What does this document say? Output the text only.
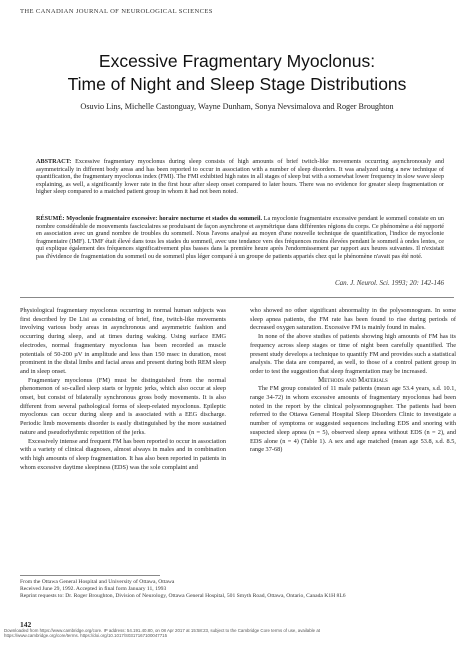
THE CANADIAN JOURNAL OF NEUROLOGICAL SCIENCES
Excessive Fragmentary Myoclonus:
Time of Night and Sleep Stage Distributions
Osuvio Lins, Michelle Castonguay, Wayne Dunham, Sonya Nevsimalova and Roger Broughton
ABSTRACT: Excessive fragmentary myoclonus during sleep consists of high amounts of brief twitch-like movements occurring asynchronously and asymmetrically in different body areas and has been reported to occur in association with a number of sleep disorders. It was analyzed using a new technique of quantification, the fragmentary myoclonus index (FMI). The FMI exhibited high rates in all stages of sleep but with a somewhat lower frequency in slow wave sleep explaining, as well, a significantly lower rate in the first hour after sleep onset compared to later hours. There was no evidence for greater sleep fragmentation or higher sleep compared to a matched patient group in whom it had not been noted.
RÉSUMÉ: Myoclonie fragmentaire excessive: horaire nocturne et stades du sommeil. La myoclonie fragmentaire excessive pendant le sommeil consiste en un nombre considérable de mouvements fasciculaires se produisant de façon asynchrone et asymétrique dans différentes régions du corps. Ce phénomène a été rapporté en association avec un grand nombre de troubles du sommeil. Nous l'avons analysé au moyen d'une nouvelle technique de quantification, l'indice de myoclonie fragmentaire (IMF). L'IMF était élevé dans tous les stades du sommeil, avec une tendance vers des fréquences moins élevées pendant le sommeil à ondes lentes, ce qui explique également des fréquences significativement plus basses dans la première heure après l'endormissement par rapport aux heures suivantes. Il n'existait pas d'évidence de fragmentation du sommeil ou de sommeil plus léger comparé à un groupe de patients appariés chez qui le phénomène n'avait pas été noté.
Can. J. Neurol. Sci. 1993; 20: 142-146

Physiological fragmentary myoclonus occurring in normal human subjects was first described by De Lisi as consisting of brief, fine, twitch-like movements involving various body areas in asynchronous and asymmetric fashion and occurring during sleep, and at times during waking. Using surface EMG electrodes, normal fragmentary myoclonus has been recorded as muscle potentials of 50-200 µV in amplitude and less than 150 msec in duration, most prominent in the distal limbs and facial areas and present during both REM sleep and in sleep onset.

Fragmentary myoclonus (FM) must be distinguished from the normal phenomenon of so-called sleep starts or hypnic jerks, which also occur at sleep onset, but consist of bilaterally synchronous gross body movements. It is also different from several pathological forms of sleep-related myoclonus. Epileptic myoclonus can occur during sleep and is associated with a EEG discharge. Periodic limb movements disorder is easily distinguished by the more sustained nature and pseudorhythmic repetition of the jerks.

Excessively intense and frequent FM has been reported to occur in association with a variety of clinical diagnoses, almost always in males and in combination with high amounts of sleep fragmentation. It has also been reported in patients in whom excessive daytime sleepiness (EDS) was the sole complaint and

who showed no other significant abnormality in the polysomnogram. In some sleep apnea patients, the FM rate has been found to rise during periods of decreased oxygen saturation. Excessive FM is mainly found in males.

In none of the above studies of patients showing high amounts of FM has its frequency across sleep stages or time of night been carefully quantified. The present study develops a technique to quantify FM and provides such a statistical analysis. The data are compared, as well, to those of a control patient group in order to test the suggestion that sleep fragmentation may be increased.

Methods and Materials

The FM group consisted of 11 male patients (mean age 53.4 years, s.d. 10.1, range 34-72) in whom excessive amounts of fragmentary myoclonus had been noted in the report by the clinical polysomnographer. The patients had been referred to the Ottawa General Hospital Sleep Disorders Clinic to investigate a number of symptoms or suggested sequences including EDS and snoring with suspected sleep apnea (n = 5), observed sleep apnea without EDS (n = 2), and EDS alone (n = 4) (Table 1). A sex and age matched (mean age 53.8, s.d. 8.5, range 37-68)

From the Ottawa General Hospital and University of Ottawa, Ottawa
Received June 29, 1992. Accepted in final form January 11, 1993
Reprint requests to: Dr. Roger Broughton, Division of Neurology, Ottawa General Hospital, 501 Smyth Road, Ottawa, Ontario, Canada K1H 8L6
142
Downloaded from https://www.cambridge.org/core. IP address: 54.191.40.80, on 08 Apr 2017 at 15:58:23, subject to the Cambridge Core terms of use, available at
https://www.cambridge.org/core/terms. https://doi.org/10.1017/S0317167100047715
